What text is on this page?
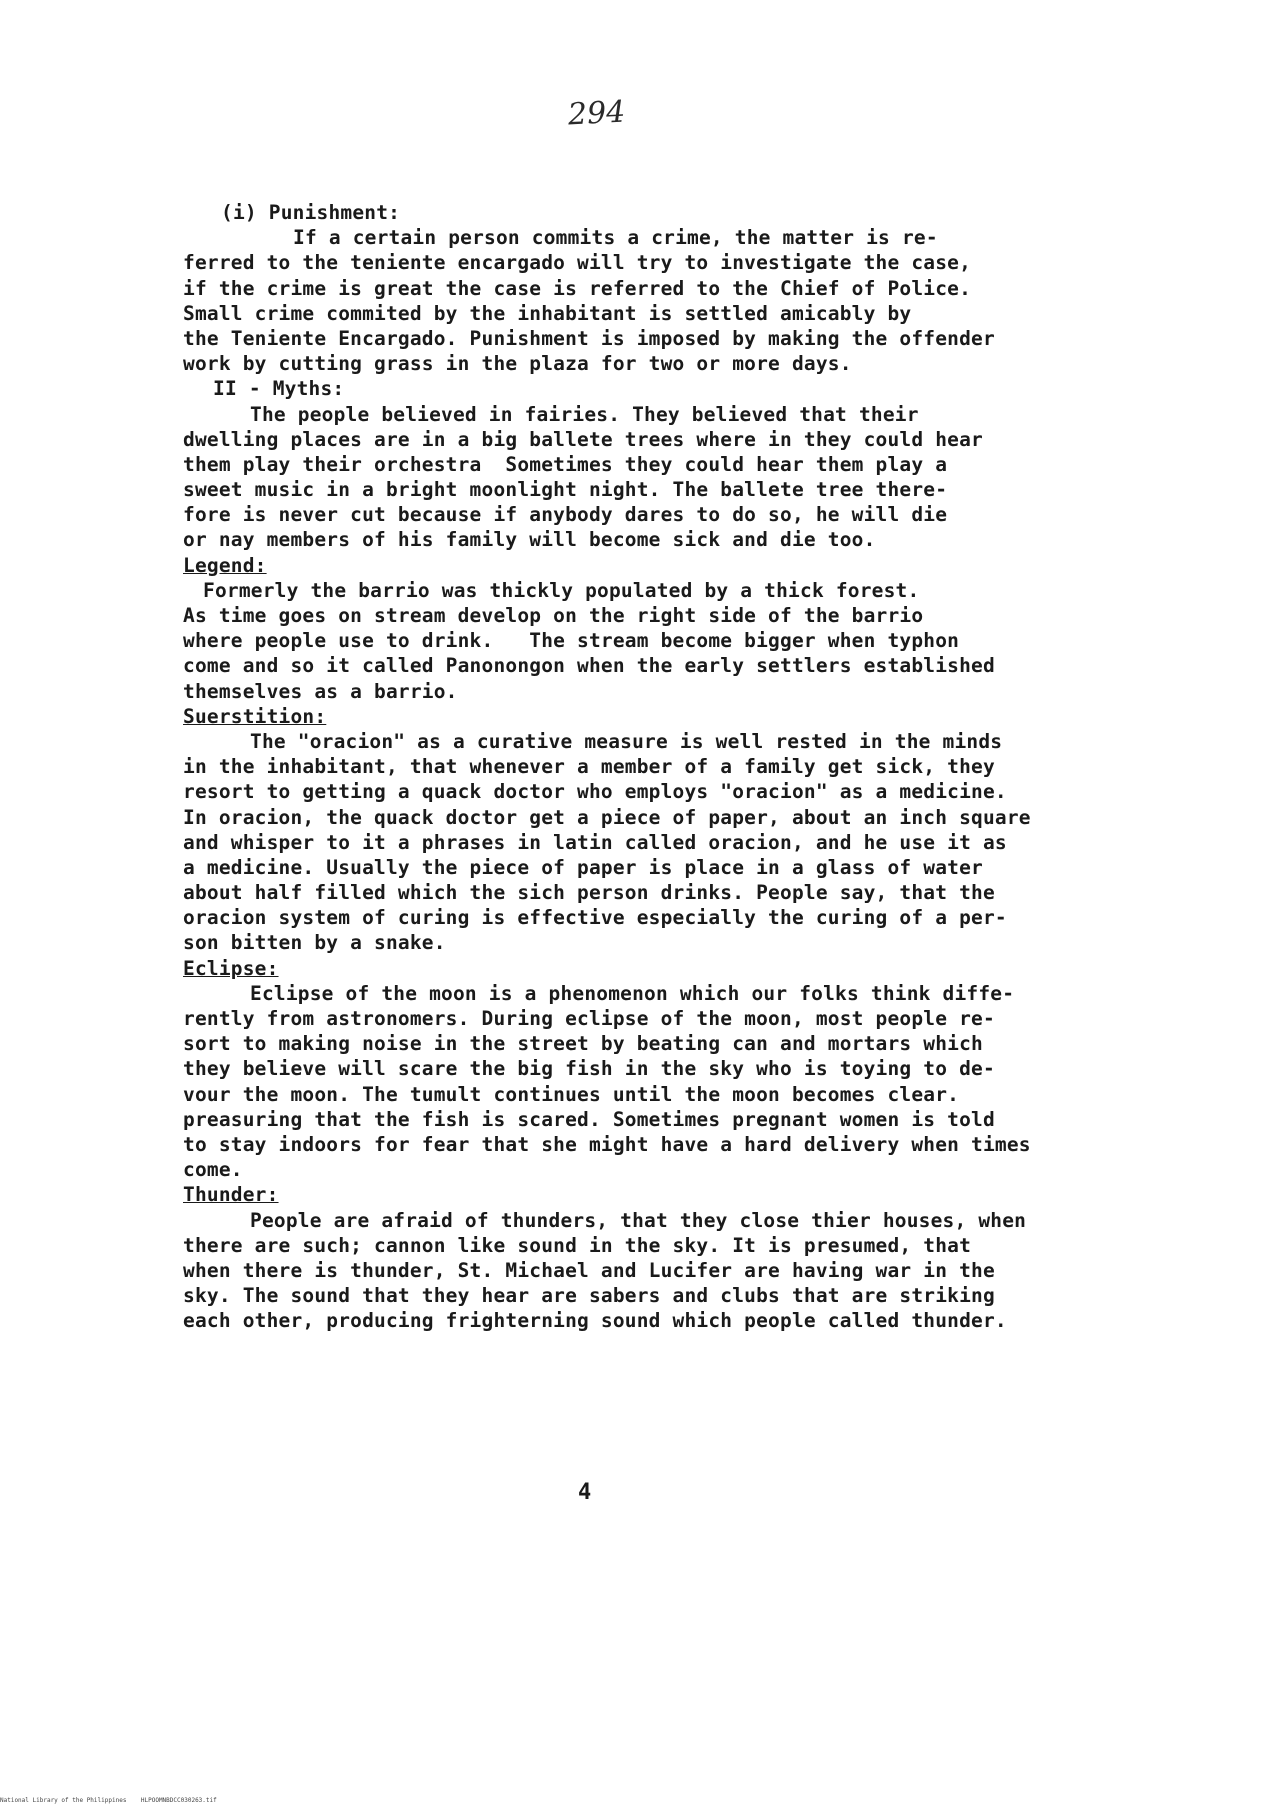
294
(i) Punishment:
If a certain person commits a crime, the matter is re-
ferred to the teniente encargado will try to investigate the case,
if the crime is great the case is referred to the Chief of Police.
Small crime commited by the inhabitant is settled amicably by
the Teniente Encargado. Punishment is imposed by making the offender
work by cutting grass in the plaza for two or more days.
II - Myths:
The people believed in fairies. They believed that their
dwelling places are in a big ballete trees where in they could hear
them play their orchestra  Sometimes they could hear them play a
sweet music in a bright moonlight night. The ballete tree there-
fore is never cut because if anybody dares to do so, he will die
or nay members of his family will become sick and die too.
Legend:
Formerly the barrio was thickly populated by a thick forest.
As time goes on stream develop on the right side of the barrio
where people use to drink.   The stream become bigger when typhon
come and so it called Panonongon when the early settlers established
themselves as a barrio.
Suerstition:
The "oracion" as a curative measure is well rested in the minds
in the inhabitant, that whenever a member of a family get sick, they
resort to getting a quack doctor who employs "oracion" as a medicine.
In oracion, the quack doctor get a piece of paper, about an inch square
and whisper to it a phrases in latin called oracion, and he use it as
a medicine. Usually the piece of paper is place in a glass of water
about half filled which the sich person drinks. People say, that the
oracion system of curing is effective especially the curing of a per-
son bitten by a snake.
Eclipse:
Eclipse of the moon is a phenomenon which our folks think diffe-
rently from astronomers. During eclipse of the moon, most people re-
sort to making noise in the street by beating can and mortars which
they believe will scare the big fish in the sky who is toying to de-
vour the moon. The tumult continues until the moon becomes clear.
preasuring that the fish is scared. Sometimes pregnant women is told
to stay indoors for fear that she might have a hard delivery when times
come.
Thunder:
People are afraid of thunders, that they close thier houses, when
there are such; cannon like sound in the sky. It is presumed, that
when there is thunder, St. Michael and Lucifer are having war in the
sky. The sound that they hear are sabers and clubs that are striking
each other, producing frighterning sound which people called thunder.
4
National Library of the Philippines    HLPOOMNBDCC030263.tif
